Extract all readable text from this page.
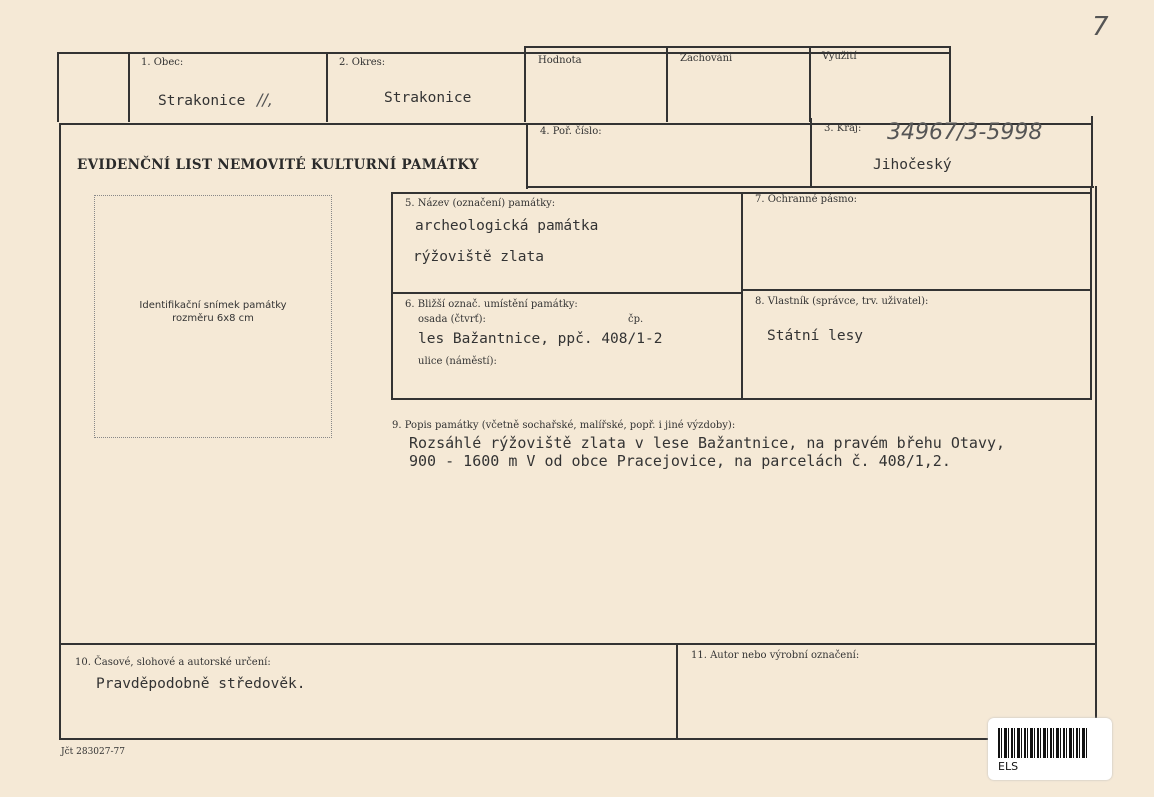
7
1. Obec:
Strakonice //,
2. Okres:
Strakonice
Hodnota	Zachování	Využití
EVIDENČNÍ LIST NEMOVITÉ KULTURNÍ PAMÁTKY
4. Poř. číslo:	3. Kraj: 34967/3-5998
Jihočeský
Identifikační snímek památky
rozměru 6x8 cm
5. Název (označení) památky:
archeologická památka
rýžoviště zlata
7. Ochranné pásmo:
6. Bližší označ. umístění památky:
osada (čtvrť):	čp.
les Bažantnice, ppč. 408/1-2
ulice (náměstí):
8. Vlastník (správce, trv. uživatel):
Státní lesy
9. Popis památky (včetně sochařské, malířské, popř. i jiné výzdoby):
Rozsáhlé rýžoviště zlata v lese Bažantnice, na pravém břehu Otavy,
900 - 1600 m V od obce Pracejovice, na parcelách č. 408/1,2.
10. Časové, slohové a autorské určení:
Pravděpodobně středověk.
11. Autor nebo výrobní označení:
Jčt 283027-77
ELS
